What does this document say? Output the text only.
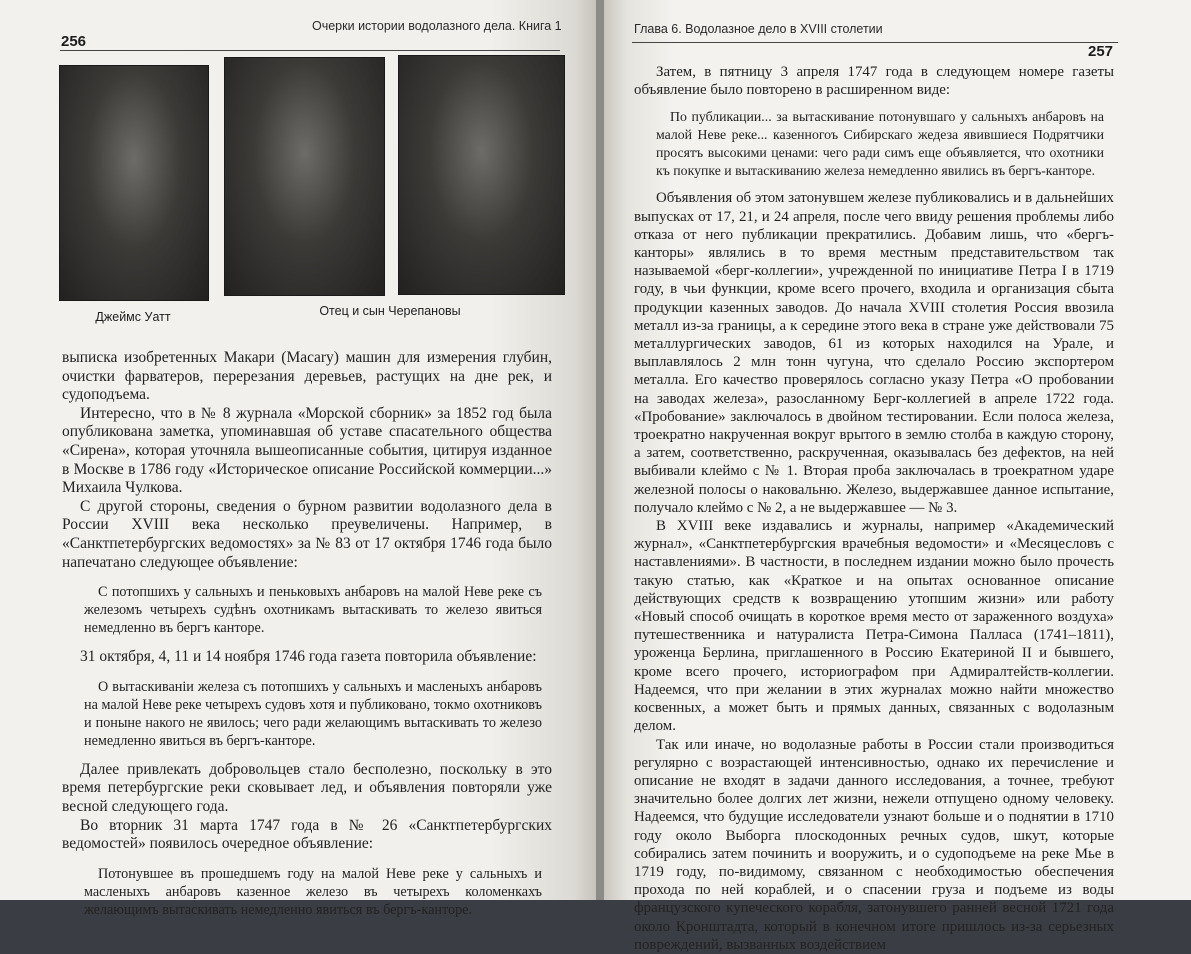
256
Очерки истории водолазного дела. Книга 1
Джеймс Уатт	Отец и сын Черепановы

выписка изобретенных Макари (Macary) машин для измерения глубин, очистки фарватеров, перерезания деревьев, растущих на дне рек, и судоподъема.

Интересно, что в № 8 журнала «Морской сборник» за 1852 год была опубликована заметка, упоминавшая об уставе спасательного общества «Сирена», которая уточняла вышеописанные события, цитируя изданное в Москве в 1786 году «Историческое описание Российской коммерции...» Михаила Чулкова.

С другой стороны, сведения о бурном развитии водолазного дела в России XVIII века несколько преувеличены. Например, в «Санктпетербургских ведомостях» за № 83 от 17 октября 1746 года было напечатано следующее объявление:

С потопшихъ у сальныхъ и пеньковыхъ анбаровъ на малой Неве реке съ железомъ четырехъ судѣнъ охотникамъ вытаскивать то железо явиться немедленно въ бергъ канторе.

31 октября, 4, 11 и 14 ноября 1746 года газета повторила объявление:

О вытаскиваніи железа съ потопшихъ у сальныхъ и масленыхъ анбаровъ на малой Неве реке четырехъ судовъ хотя и публиковано, токмо охотниковъ и поныне накого не явилось; чего ради желающимъ вытаскивать то железо немедленно явиться въ бергъ-канторе.

Далее привлекать добровольцев стало бесполезно, поскольку в это время петербургские реки сковывает лед, и объявления повторяли уже весной следующего года.

Во вторник 31 марта 1747 года в № 26 «Санктпетербургских ведомостей» появилось очередное объявление:

Потонувшее въ прошедшемъ году на малой Неве реке у сальныхъ и масленыхъ анбаровъ казенное железо въ четырехъ коломенкахъ желающимъ вытаскивать немедленно явиться въ бергъ-канторе.

Глава 6. Водолазное дело в XVIII столетии
257

Затем, в пятницу 3 апреля 1747 года в следующем номере газеты объявление было повторено в расширенном виде:

По публикации... за вытаскивание потонувшаго у сальныхъ анбаровъ на малой Неве реке... казенногоъ Сибирскаго жедеза явившиеся Подрятчики просятъ высокими ценами: чего ради симъ еще объявляется, что охотники къ покупке и вытаскиванию железа немедленно явились въ бергъ-канторе.

Объявления об этом затонувшем железе публиковались и в дальнейших выпусках от 17, 21, и 24 апреля, после чего ввиду решения проблемы либо отказа от него публикации прекратились. Добавим лишь, что «бергъ-канторы» являлись в то время местным представительством так называемой «берг-коллегии», учрежденной по инициативе Петра I в 1719 году, в чьи функции, кроме всего прочего, входила и организация сбыта продукции казенных заводов. До начала XVIII столетия Россия ввозила металл из-за границы, а к середине этого века в стране уже действовали 75 металлургических заводов, 61 из которых находился на Урале, и выплавлялось 2 млн тонн чугуна, что сделало Россию экспортером металла. Его качество проверялось согласно указу Петра «О пробовании на заводах железа», разосланному Берг-коллегией в апреле 1722 года. «Пробование» заключалось в двойном тестировании. Если полоса железа, троекратно накрученная вокруг врытого в землю столба в каждую сторону, а затем, соответственно, раскрученная, оказывалась без дефектов, на ней выбивали клеймо с № 1. Вторая проба заключалась в троекратном ударе железной полосы о наковальню. Железо, выдержавшее данное испытание, получало клеймо с № 2, а не выдержавшее — № 3.

В XVIII веке издавались и журналы, например «Академический журнал», «Санктпетербургския врачебныя ведомости» и «Месяцесловъ с наставлениями». В частности, в последнем издании можно было прочесть такую статью, как «Краткое и на опытах основанное описание действующих средств к возвращению утопшим жизни» или работу «Новый способ очищать в короткое время место от зараженного воздуха» путешественника и натуралиста Петра-Симона Палласа (1741–1811), уроженца Берлина, приглашенного в Россию Екатериной II и бывшего, кроме всего прочего, историографом при Адмиралтейств-коллегии. Надеемся, что при желании в этих журналах можно найти множество косвенных, а может быть и прямых данных, связанных с водолазным делом.

Так или иначе, но водолазные работы в России стали производиться регулярно с возрастающей интенсивностью, однако их перечисление и описание не входят в задачи данного исследования, а точнее, требуют значительно более долгих лет жизни, нежели отпущено одному человеку. Надеемся, что будущие исследователи узнают больше и о поднятии в 1710 году около Выборга плоскодонных речных судов, шкут, которые собирались затем починить и вооружить, и о судоподъеме на реке Мье в 1719 году, по-видимому, связанном с необходимостью обеспечения прохода по ней кораблей, и о спасении груза и подъеме из воды французского купеческого корабля, затонувшего ранней весной 1721 года около Кронштадта, который в конечном итоге пришлось из-за серьезных повреждений, вызванных воздействием
